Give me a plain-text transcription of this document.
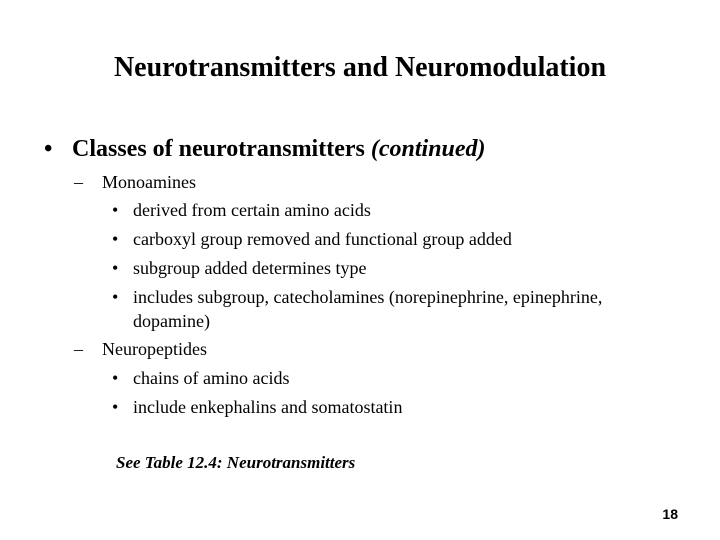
Neurotransmitters and Neuromodulation
• Classes of neurotransmitters (continued)
– Monoamines
• derived from certain amino acids
• carboxyl group removed and functional group added
• subgroup added determines type
• includes subgroup, catecholamines (norepinephrine, epinephrine, dopamine)
– Neuropeptides
• chains of amino acids
• include enkephalins and somatostatin
See Table 12.4: Neurotransmitters
18
